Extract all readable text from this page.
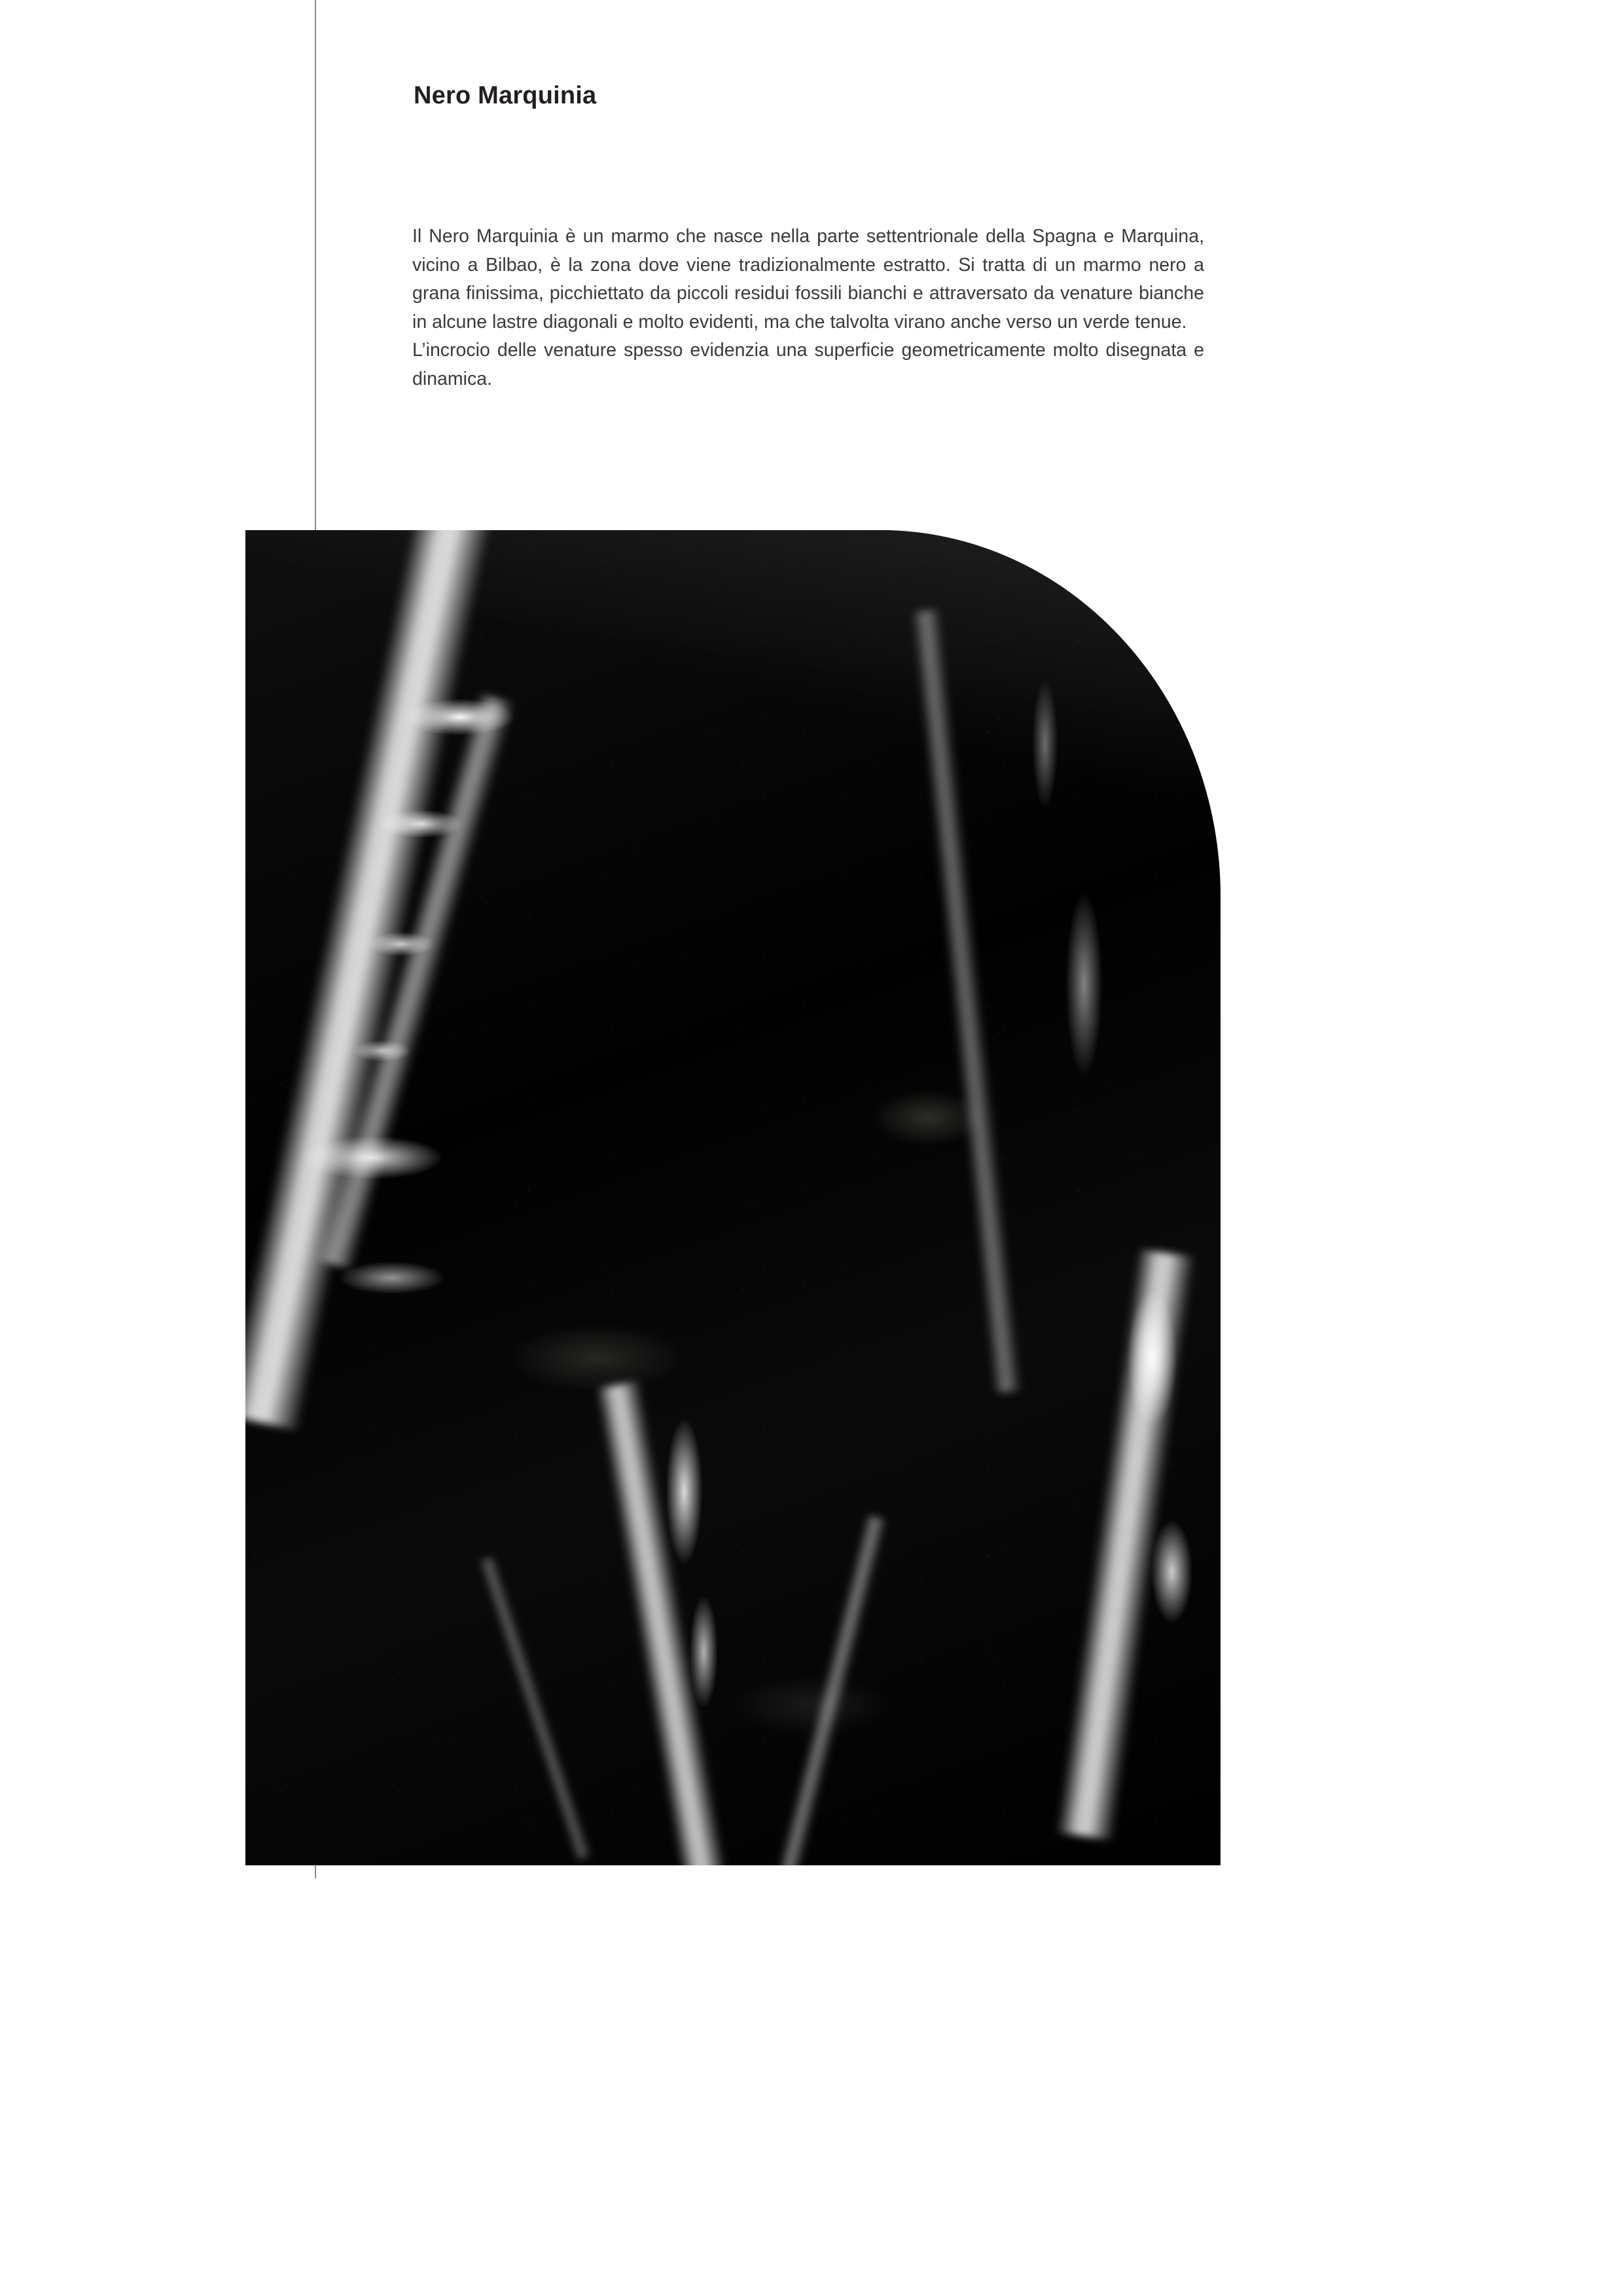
Nero Marquinia

Il Nero Marquinia è un marmo che nasce nella parte settentrionale della Spagna e Marquina, vicino a Bilbao, è la zona dove viene tradizionalmente estratto. Si tratta di un marmo nero a grana finissima, picchiettato da piccoli residui fossili bianchi e attraversato da venature bianche in alcune lastre diagonali e molto evidenti, ma che talvolta virano anche verso un verde tenue.

L’incrocio delle venature spesso evidenzia una superficie geometricamente molto disegnata e dinamica.
